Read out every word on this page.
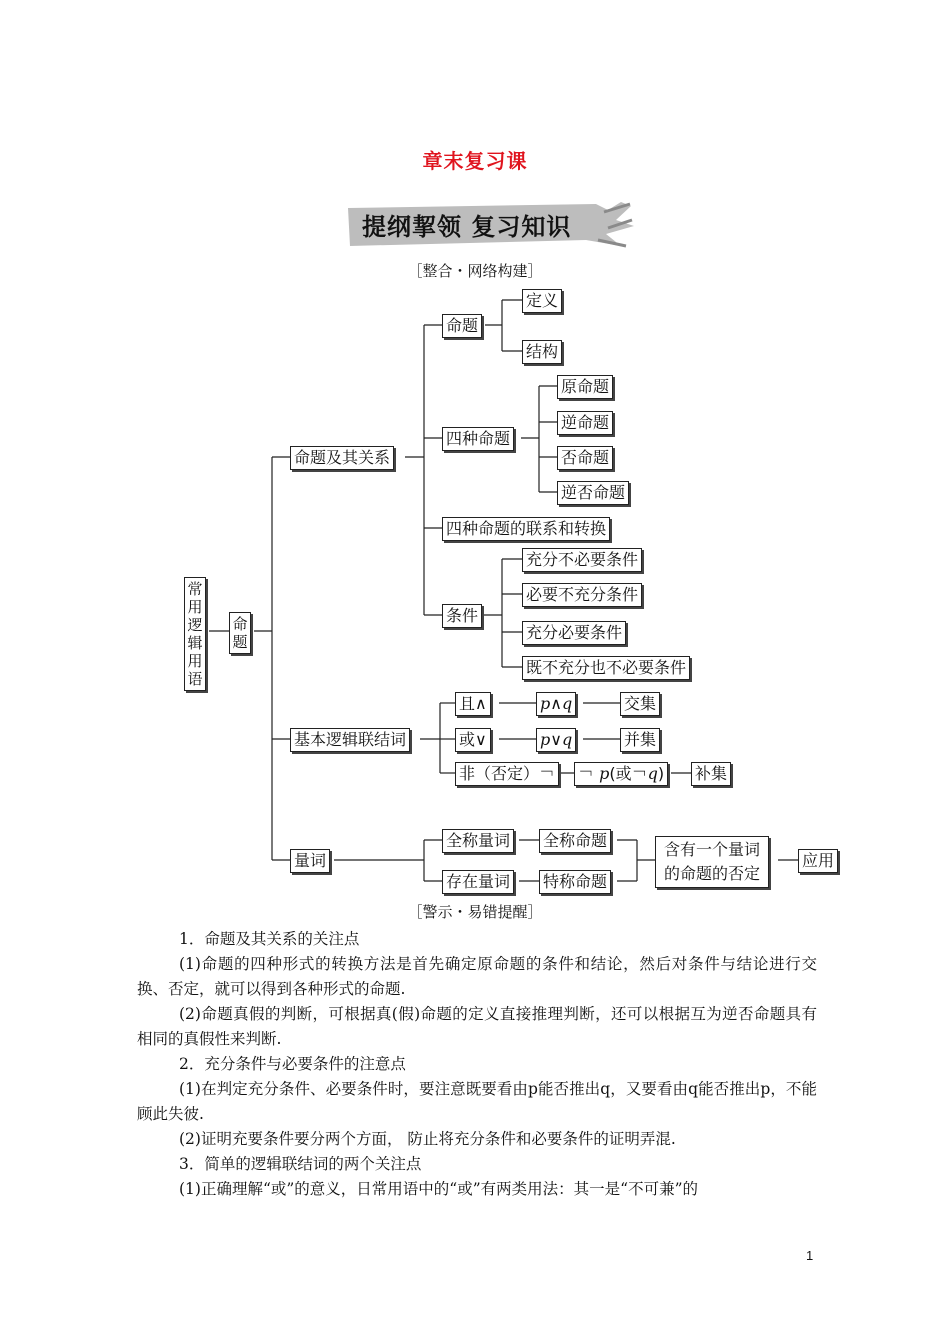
章末复习课
提纲挈领 复习知识
［整合・网络构建］
常
用
逻
辑
用
语
命
题
命题及其关系
基本逻辑联结词
量词
命题
定义
结构
四种命题
原命题
逆命题
否命题
逆否命题
四种命题的联系和转换
条件
充分不必要条件
必要不充分条件
充分必要条件
既不充分也不必要条件
且∧
或∨
非（否定）￢
p∧q
p∨q
￢ p(或￢q)
交集
并集
补集
全称量词
存在量词
全称命题
特称命题
含有一个量词
的命题的否定
应用
［警示・易错提醒］
1．命题及其关系的关注点
(1)命题的四种形式的转换方法是首先确定原命题的条件和结论，然后对条件与结论进行交换、否定，就可以得到各种形式的命题.
(2)命题真假的判断，可根据真(假)命题的定义直接推理判断，还可以根据互为逆否命题具有相同的真假性来判断.
2．充分条件与必要条件的注意点
(1)在判定充分条件、必要条件时，要注意既要看由p能否推出q，又要看由q能否推出p，不能顾此失彼.
(2)证明充要条件要分两个方面， 防止将充分条件和必要条件的证明弄混.
3．简单的逻辑联结词的两个关注点
(1)正确理解“或”的意义，日常用语中的“或”有两类用法：其一是“不可兼”的
1
